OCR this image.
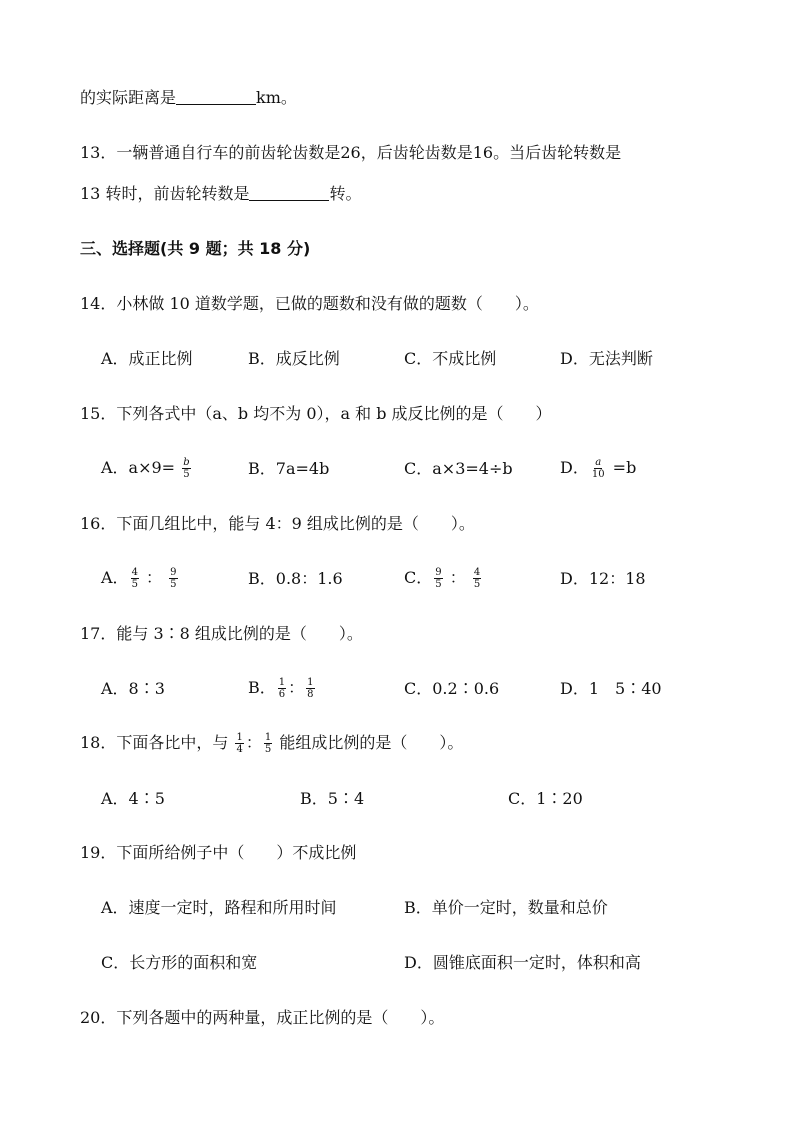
的实际距离是	km。
13．一辆普通自行车的前齿轮齿数是26，后齿轮齿数是16。当后齿轮转数是
13 转时，前齿轮转数是	转。
三、选择题(共 9 题；共 18 分)
14．小林做 10 道数学题，已做的题数和没有做的题数（　　）。
A．成正比例	B．成反比例	C．不成比例	D．无法判断
15．下列各式中（a、b 均不为 0），a 和 b 成反比例的是（　　）
A．$a\times 9= \frac{b}{5}$	B．7a=4b	C．a×3=4÷b	D． $\frac{a}{10} =b$
16．下面几组比中，能与 4：9 组成比例的是（　　）。
A． $\frac{4}{5}$ ： $\frac{9}{5}$	B．0.8：1.6	C． $\frac{9}{5}$ ： $\frac{4}{5}$	D．12：18
17．能与 3∶8 组成比例的是（　　）。
A．8∶3	B． $\frac{1}{6}$ ： $\frac{1}{8}$	C．0.2∶0.6	D．1　5∶40
18．下面各比中，与 $\frac{1}{4}$ ： $\frac{1}{5}$ 能组成比例的是（　　）。
A．4∶5	B．5∶4	C．1∶20
19．下面所给例子中（　　）不成比例
A．速度一定时，路程和所用时间	B．单价一定时，数量和总价
C．长方形的面积和宽	D．圆锥底面积一定时，体积和高
20．下列各题中的两种量，成正比例的是（　　）。
